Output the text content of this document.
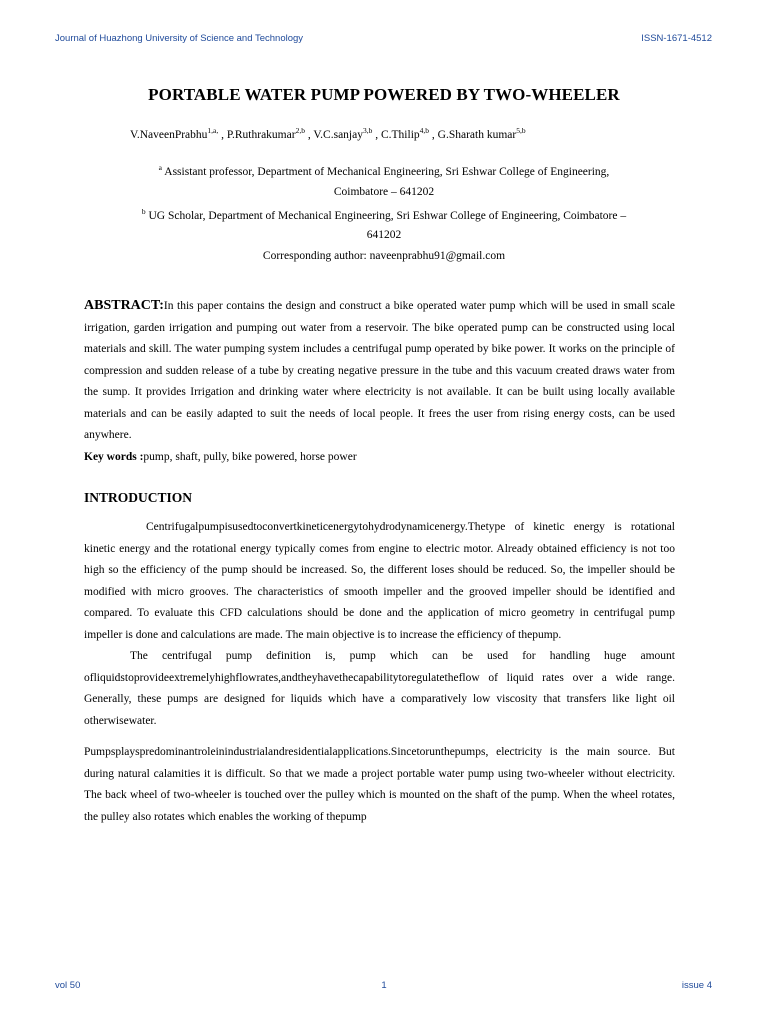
Journal of Huazhong University of Science and Technology	ISSN-1671-4512
PORTABLE WATER PUMP POWERED BY TWO-WHEELER
V.NaveenPrabhu$^{1,a,}$ , P.Ruthrakumar$^{2,b}$ , V.C.sanjay$^{3,b}$ , C.Thilip$^{4,b}$ , G.Sharath kumar$^{5,b}$
$^a$ Assistant professor, Department of Mechanical Engineering, Sri Eshwar College of Engineering,
Coimbatore – 641202
$^b$ UG Scholar, Department of Mechanical Engineering, Sri Eshwar College of Engineering, Coimbatore –
641202
Corresponding author: naveenprabhu91@gmail.com

ABSTRACT:In this paper contains the design and construct a bike operated water pump which will be used in small scale irrigation, garden irrigation and pumping out water from a reservoir. The bike operated pump can be constructed using local materials and skill. The water pumping system includes a centrifugal pump operated by bike power. It works on the principle of compression and sudden release of a tube by creating negative pressure in the tube and this vacuum created draws water from the sump. It provides Irrigation and drinking water where electricity is not available. It can be built using locally available materials and can be easily adapted to suit the needs of local people. It frees the user from rising energy costs, can be used anywhere.

Key words :pump, shaft, pully, bike powered, horse power

INTRODUCTION

Centrifugalpumpisusedtoconvertkineticenergytohydrodynamicenergy.Thetype of kinetic energy is rotational kinetic energy and the rotational energy typically comes from engine to electric motor. Already obtained efficiency is not too high so the efficiency of the pump should be increased. So, the different loses should be reduced. So, the impeller should be modified with micro grooves. The characteristics of smooth impeller and the grooved impeller should be identified and compared. To evaluate this CFD calculations should be done and the application of micro geometry in centrifugal pump impeller is done and calculations are made. The main objective is to increase the efficiency of thepump.

The centrifugal pump definition is, pump which can be used for handling huge amount ofliquidstoprovideextremelyhighflowrates,andtheyhavethecapabilitytoregulatetheflow of liquid rates over a wide range. Generally, these pumps are designed for liquids which have a comparatively low viscosity that transfers like light oil otherwisewater.

Pumpsplayspredominantroleinindustrialandresidentialapplications.Sincetorunthepumps, electricity is the main source. But during natural calamities it is difficult. So that we made a project portable water pump using two-wheeler without electricity. The back wheel of two-wheeler is touched over the pulley which is mounted on the shaft of the pump. When the wheel rotates, the pulley also rotates which enables the working of thepump

vol 50	1	issue 4
